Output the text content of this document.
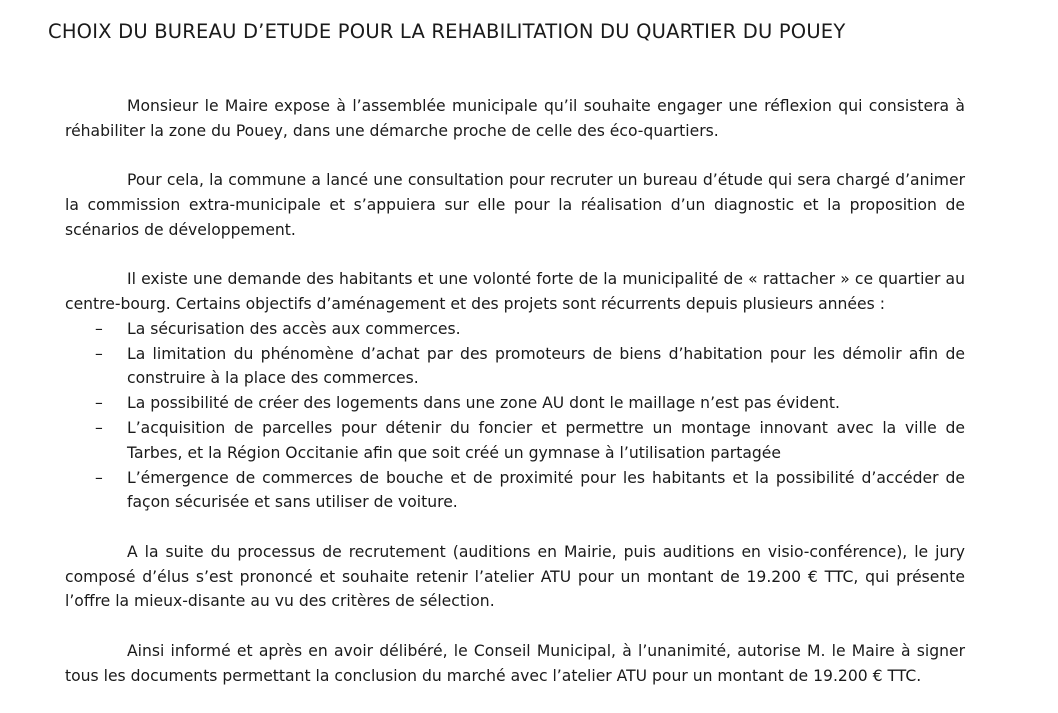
CHOIX DU BUREAU D’ETUDE POUR LA REHABILITATION DU QUARTIER DU POUEY

Monsieur le Maire expose à l’assemblée municipale qu’il souhaite engager une réflexion qui consistera à réhabiliter la zone du Pouey, dans une démarche proche de celle des éco-quartiers.

Pour cela, la commune a lancé une consultation pour recruter un bureau d’étude qui sera chargé d’animer la commission extra-municipale et s’appuiera sur elle pour la réalisation d’un diagnostic et la proposition de scénarios de développement.

Il existe une demande des habitants et une volonté forte de la municipalité de « rattacher » ce quartier au centre-bourg. Certains objectifs d’aménagement et des projets sont récurrents depuis plusieurs années :

– La sécurisation des accès aux commerces.
– La limitation du phénomène d’achat par des promoteurs de biens d’habitation pour les démolir afin de construire à la place des commerces.
– La possibilité de créer des logements dans une zone AU dont le maillage n’est pas évident.
– L’acquisition de parcelles pour détenir du foncier et permettre un montage innovant avec la ville de Tarbes, et la Région Occitanie afin que soit créé un gymnase à l’utilisation partagée
– L’émergence de commerces de bouche et de proximité pour les habitants et la possibilité d’accéder de façon sécurisée et sans utiliser de voiture.

A la suite du processus de recrutement (auditions en Mairie, puis auditions en visio-conférence), le jury composé d’élus s’est prononcé et souhaite retenir l’atelier ATU pour un montant de 19.200 € TTC, qui présente l’offre la mieux-disante au vu des critères de sélection.

Ainsi informé et après en avoir délibéré, le Conseil Municipal, à l’unanimité, autorise M. le Maire à signer tous les documents permettant la conclusion du marché avec l’atelier ATU pour un montant de 19.200 € TTC.
